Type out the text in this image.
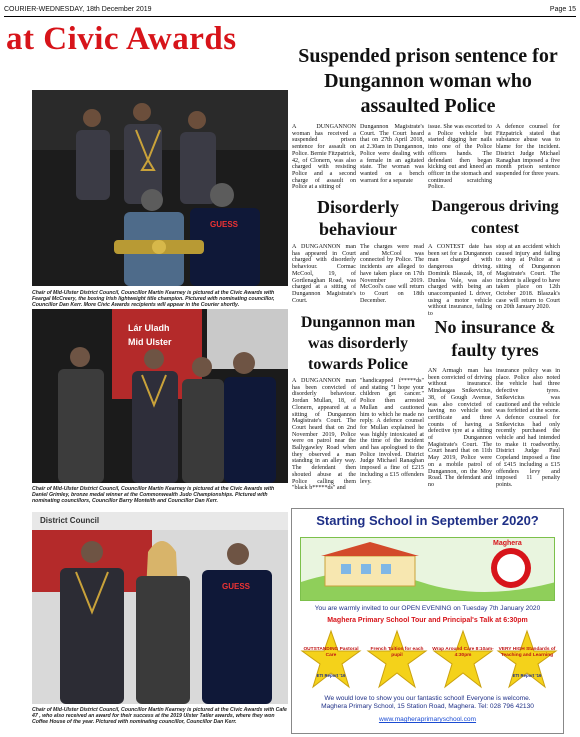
COURIER-WEDNESDAY, 18th December 2019	Page 15
at Civic Awards
GUESS
Chair of Mid-Ulster District Council, Councillor Martin Kearney is pictured at the Civic Awards with Feargal McCreery, the boxing Irish lightweight title champion. Pictured with nominating councillor, Councillor Dan Kerr. More Civic Awards recipients will appear in the Courier shortly.
Lár Uladh
Mid Ulster
Chair of Mid-Ulster District Council, Councillor Martin Kearney is pictured at the Civic Awards with Daniel Grimley, bronze medal winner at the Commonwealth Judo Championships. Pictured with nominating councillors, Councillor Barry Monteith and Councillor Dan Kerr.
District Council
GUESS
Chair of Mid-Ulster District Council, Councillor Martin Kearney is pictured at the Civic Awards with Cafe 47 , who also received an award for their success at the 2019 Ulster Tatler awards, where they won Coffee House of the year. Pictured with nominating councillor, Councillor Dan Kerr.
Suspended prison sentence for Dungannon woman who assaulted Police
A DUNGANNON woman has received a suspended prison sentence for assault on Police. Bernie Fitzpatrick, 42, of Clonern, was also charged with resisting Police and a second charge of assault on Police at a sitting of
Dungannon Magistrate's Court. The Court heard that on 27th April 2018, at 2.30am in Dungannon, Police were dealing with a female in an agitated state. The woman was wanted on a bench warrant for a separate
issue. She was escorted to a Police vehicle but started digging her nails into one of the Police officers hands. The defendant then began kicking out and kneed an officer in the stomach and continued scratching Police.
A defence counsel for Fitzpatrick stated that substance abuse was to blame for the incident. District Judge Michael Ranaghan imposed a five month prison sentence suspended for three years.
Disorderly behaviour
A DUNGANNON man has appeared in Court charged with disorderly behaviour. Cormac McCool, 19, of Gortlenaghan Road, was charged at a sitting of Dungannon Magistrate's Court.
The charges were read and McCool was connected by Police. The incidents are alleged to have taken place on 17th November 2019. McCool's case will return to Court on 18th December.
Dangerous driving contest
A CONTEST date has been set for a Dungannon man charged with dangerous driving. Dominik Blaszak, 18, of Dunlea Vale, was also charged with being an unaccompanied L driver, using a motor vehicle without insurance, failing to
stop at an accident which caused injury and failing to stop at Police at a sitting of Dungannon Magistrate's Court. The incident is alleged to have taken place on 12th October 2018. Blaszak's case will return to Court on 20th January 2020.
Dungannon man was disorderly towards Police
A DUNGANNON man has been convicted of disorderly behaviour. Jordan Mullan, 18, of Clonern, appeared at a sitting of Dungannon Magistrate's Court. The Court heard that on 2nd November 2019, Police were on patrol near the Ballygawley Road when they observed a man standing in an alley way. The defendant then shouted abuse at the Police calling them "black b*****ds" and
"handicapped f*****ds" and stating "I hope your children get cancer." Police then arrested Mullan and cautioned him to which he made no reply. A defence counsel for Mullan explained he was highly intoxicated at the time of the incident and has apologised to the Police involved. District Judge Michael Ranaghan imposed a fine of £215 including a £15 offenders levy.
No insurance & faulty tyres
AN Armagh man has been convicted of driving without insurance. Mindaugas Snikevicius, 38, of Gough Avenue, was also convicted of having no vehicle test certificate and three counts of having a defective tyre at a sitting of Dungannon Magistrate's Court. The Court heard that on 11th May 2019, Police were on a mobile patrol of Dungannon, on the Moy Road. The defendant and no
insurance policy was in place. Police also noted the vehicle had three defective tyres. Snikevicius was cautioned and the vehicle was forfeited at the scene. A defence counsel for Snikevicius had only recently purchased the vehicle and had intended to make it roadworthy. District Judge Paul Copeland imposed a fine of £415 including a £15 offenders levy and imposed 11 penalty points.
Starting School in September 2020?
Maghera
You are warmly invited to our OPEN EVENING on Tuesday 7th January 2020
Maghera Primary School Tour and Principal's Talk at 6:30pm
OUTSTANDING Pastoral Care
ETI Report '16
French Tuition for each pupil
Wrap Around Care 8:10am-4:30pm
VERY HIGH Standards of Teaching and Learning
ETI Report '16
We would love to show you our fantastic school! Everyone is welcome.
Maghera Primary School, 15 Station Road, Maghera. Tel: 028 796 42130
www.magheraprimaryschool.com
